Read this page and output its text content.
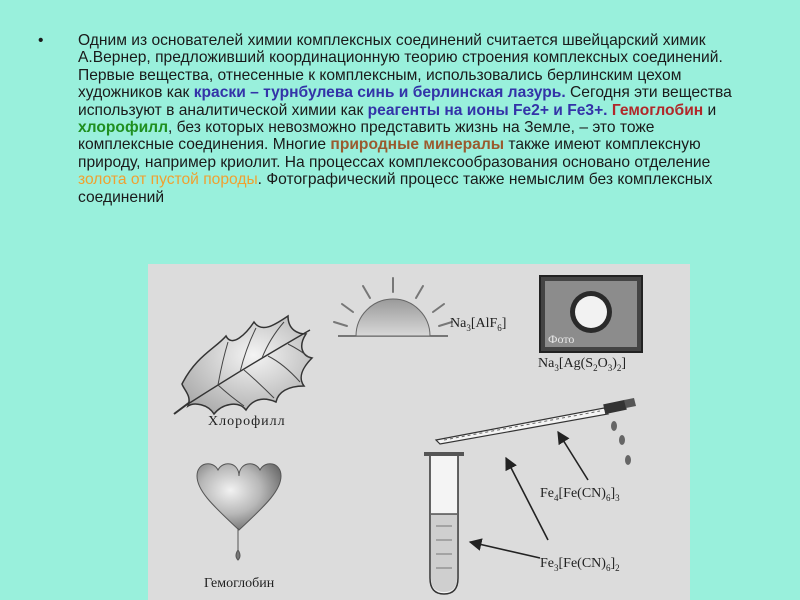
• Одним из основателей химии комплексных соединений считается швейцарский химик А.Вернер, предложивший координационную теорию строения комплексных соединений. Первые вещества, отнесенные к комплексным, использовались берлинским цехом художников как краски – турнбулева синь и берлинская лазурь. Сегодня эти вещества используют в аналитической химии как реагенты на ионы Fe2+ и Fe3+. Гемоглобин и хлорофилл, без которых невозможно представить жизнь на Земле, – это тоже комплексные соединения. Многие природные минералы также имеют комплексную природу, например криолит. На процессах комплексообразования основано отделение золота от пустой породы. Фотографический процесс также немыслим без комплексных соединений

Хлорофилл
Гемоглобин
Фото
$Na_3[AlF_6]$
$Na_3[Ag(S_2O_3)_2]$
$Fe_4[Fe(CN)_6]_3$
$Fe_3[Fe(CN)_6]_2$
